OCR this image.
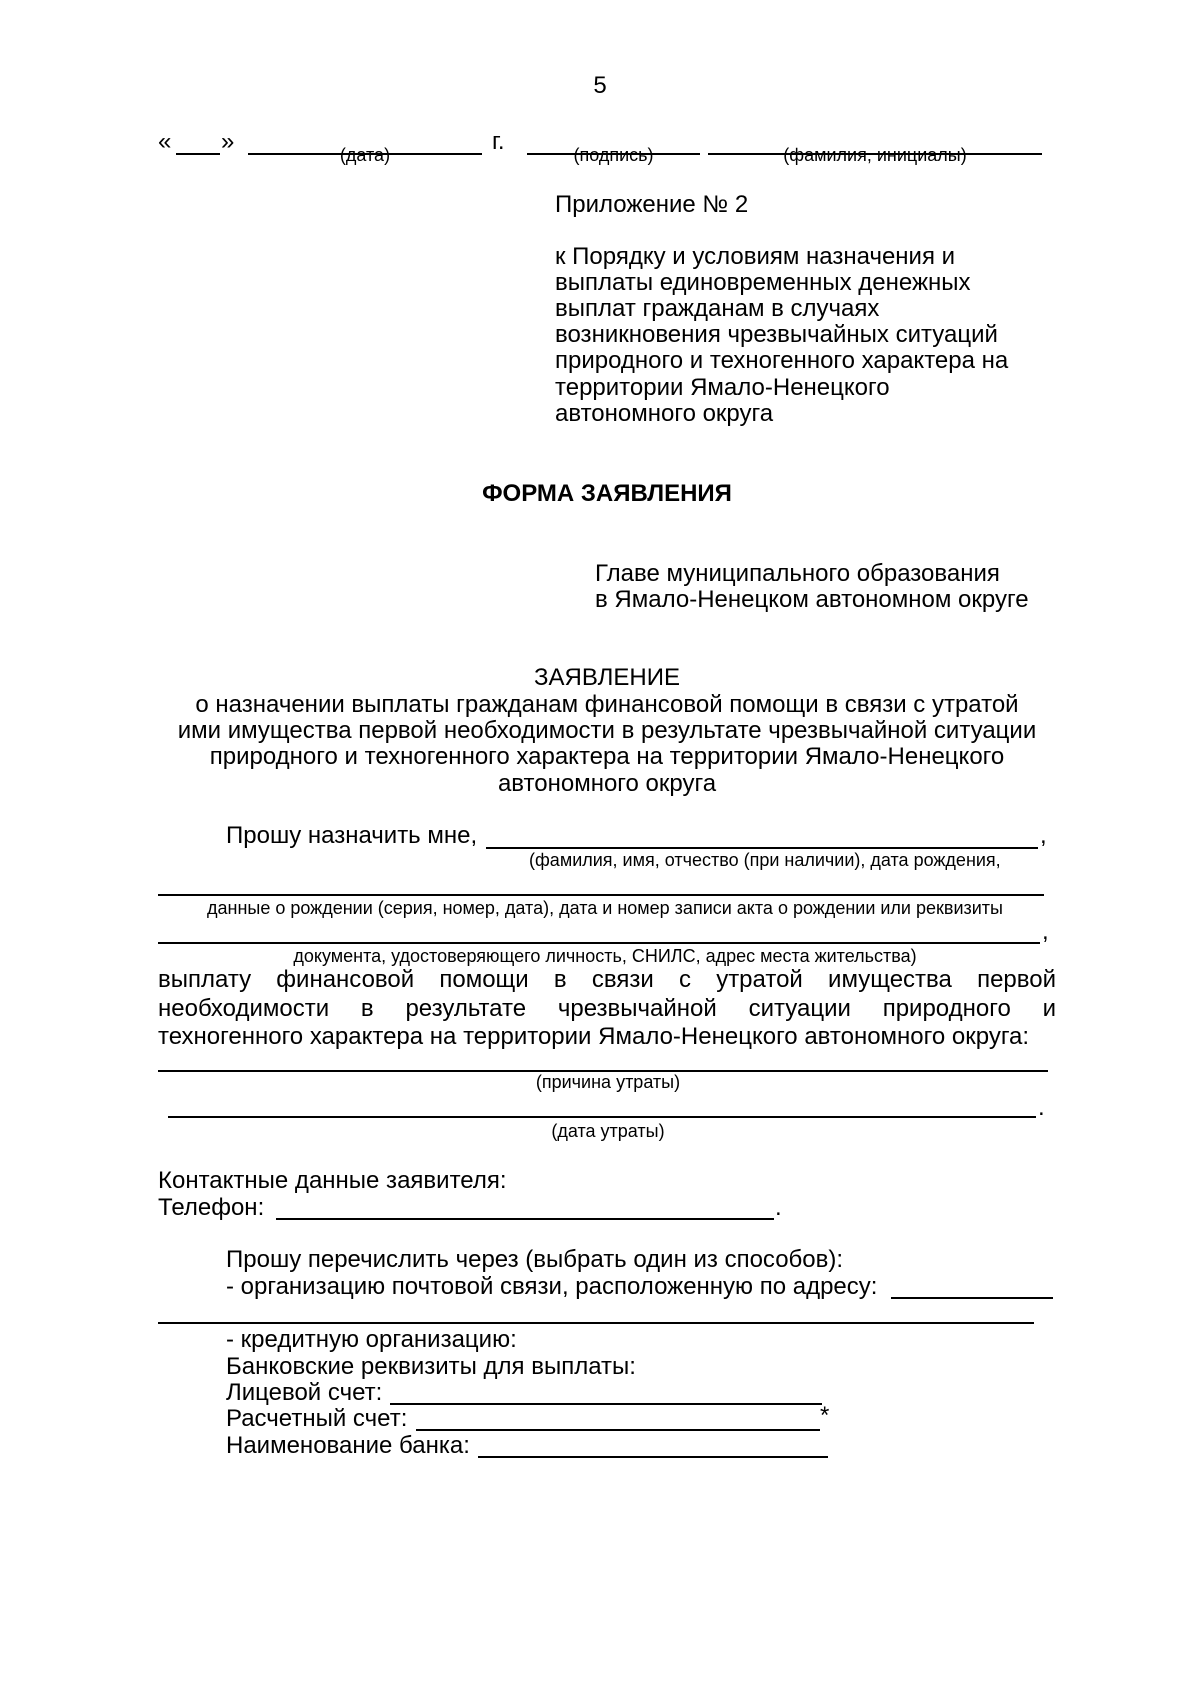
5
« »	г.
(дата)	(подпись)	(фамилия, инициалы)
Приложение № 2
к Порядку и условиям назначения и
выплаты единовременных денежных
выплат гражданам в случаях
возникновения чрезвычайных ситуаций
природного и техногенного характера на
территории Ямало-Ненецкого
автономного округа
ФОРМА ЗАЯВЛЕНИЯ
Главе муниципального образования
в Ямало-Ненецком автономном округе
ЗАЯВЛЕНИЕ
о назначении выплаты гражданам финансовой помощи в связи с утратой
ими имущества первой необходимости в результате чрезвычайной ситуации
природного и техногенного характера на территории Ямало-Ненецкого
автономного округа
Прошу назначить мне,	,
(фамилия, имя, отчество (при наличии), дата рождения,
данные о рождении (серия, номер, дата), дата и номер записи акта о рождении или реквизиты
,
документа, удостоверяющего личность, СНИЛС, адрес места жительства)
выплату финансовой помощи в связи с утратой имущества первой необходимости в результате чрезвычайной ситуации природного и техногенного характера на территории Ямало-Ненецкого автономного округа:
(причина утраты)
.
(дата утраты)
Контактные данные заявителя:
Телефон:	.
Прошу перечислить через (выбрать один из способов):
- организацию почтовой связи, расположенную по адресу:
- кредитную организацию:
Банковские реквизиты для выплаты:
Лицевой счет:
Расчетный счет:	*
Наименование банка:
